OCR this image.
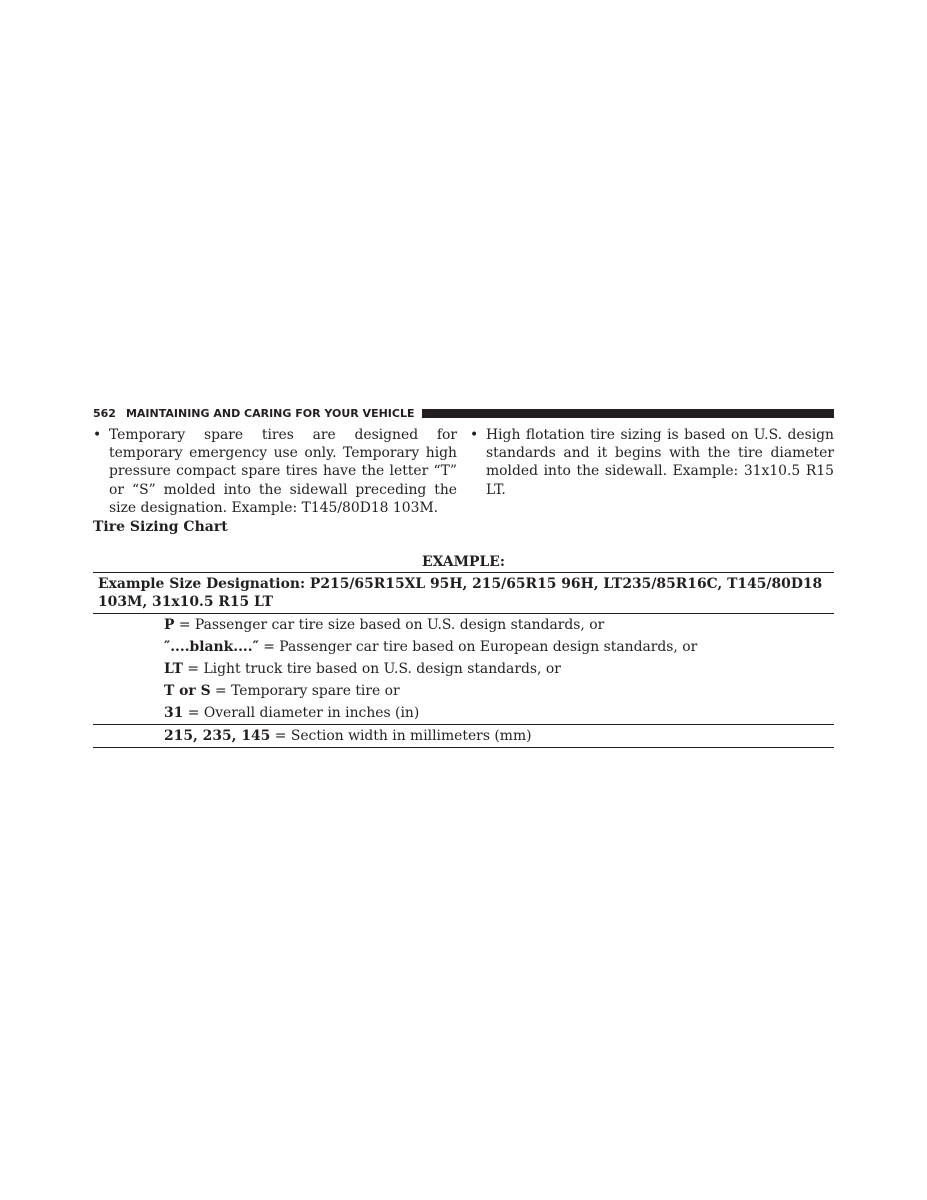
562 MAINTAINING AND CARING FOR YOUR VEHICLE
• Temporary spare tires are designed for temporary emergency use only. Temporary high pressure compact spare tires have the letter “T” or “S” molded into the sidewall preceding the size designation. Example: T145/80D18 103M.
• High flotation tire sizing is based on U.S. design standards and it begins with the tire diameter molded into the sidewall. Example: 31x10.5 R15 LT.
Tire Sizing Chart
EXAMPLE:
Example Size Designation: P215/65R15XL 95H, 215/65R15 96H, LT235/85R16C, T145/80D18 103M, 31x10.5 R15 LT
P = Passenger car tire size based on U.S. design standards, or
″....blank....″ = Passenger car tire based on European design standards, or
LT = Light truck tire based on U.S. design standards, or
T or S = Temporary spare tire or
31 = Overall diameter in inches (in)
215, 235, 145 = Section width in millimeters (mm)
